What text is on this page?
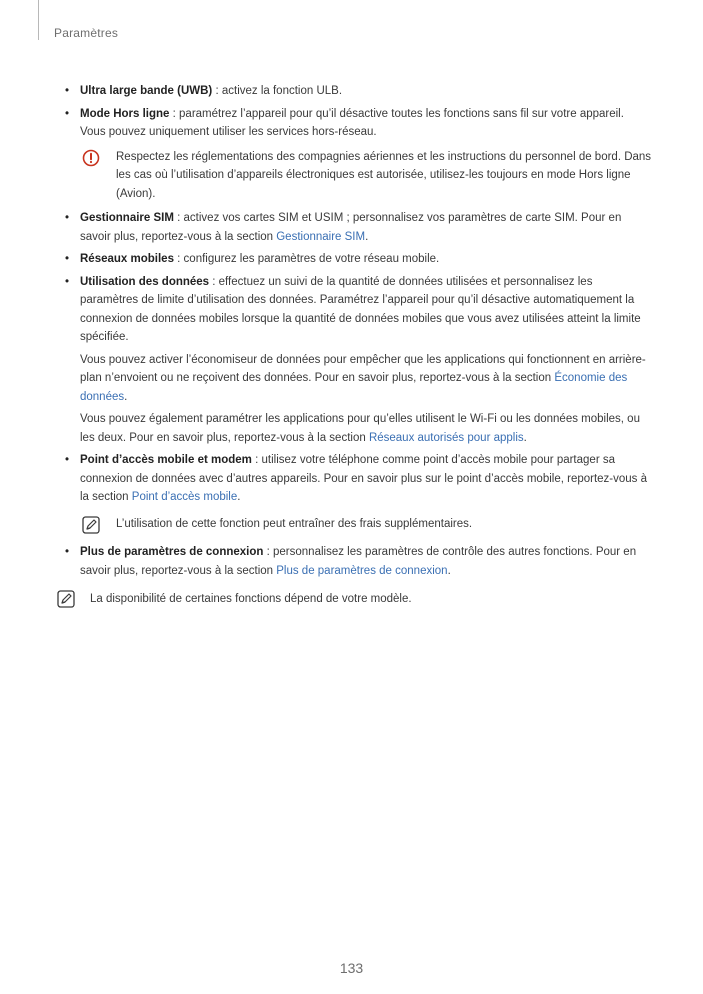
Paramètres
• Ultra large bande (UWB) : activez la fonction ULB.
• Mode Hors ligne : paramétrez l’appareil pour qu’il désactive toutes les fonctions sans fil sur votre appareil. Vous pouvez uniquement utiliser les services hors-réseau.
Respectez les réglementations des compagnies aériennes et les instructions du personnel de bord. Dans les cas où l’utilisation d’appareils électroniques est autorisée, utilisez-les toujours en mode Hors ligne (Avion).
• Gestionnaire SIM : activez vos cartes SIM et USIM ; personnalisez vos paramètres de carte SIM. Pour en savoir plus, reportez-vous à la section Gestionnaire SIM.
• Réseaux mobiles : configurez les paramètres de votre réseau mobile.
• Utilisation des données : effectuez un suivi de la quantité de données utilisées et personnalisez les paramètres de limite d’utilisation des données. Paramétrez l’appareil pour qu’il désactive automatiquement la connexion de données mobiles lorsque la quantité de données mobiles que vous avez utilisées atteint la limite spécifiée.
Vous pouvez activer l’économiseur de données pour empêcher que les applications qui fonctionnent en arrière-plan n’envoient ou ne reçoivent des données. Pour en savoir plus, reportez-vous à la section Économie des données.
Vous pouvez également paramétrer les applications pour qu’elles utilisent le Wi-Fi ou les données mobiles, ou les deux. Pour en savoir plus, reportez-vous à la section Réseaux autorisés pour applis.
• Point d’accès mobile et modem : utilisez votre téléphone comme point d’accès mobile pour partager sa connexion de données avec d’autres appareils. Pour en savoir plus sur le point d’accès mobile, reportez-vous à la section Point d’accès mobile.
L’utilisation de cette fonction peut entraîner des frais supplémentaires.
• Plus de paramètres de connexion : personnalisez les paramètres de contrôle des autres fonctions. Pour en savoir plus, reportez-vous à la section Plus de paramètres de connexion.
La disponibilité de certaines fonctions dépend de votre modèle.
133
